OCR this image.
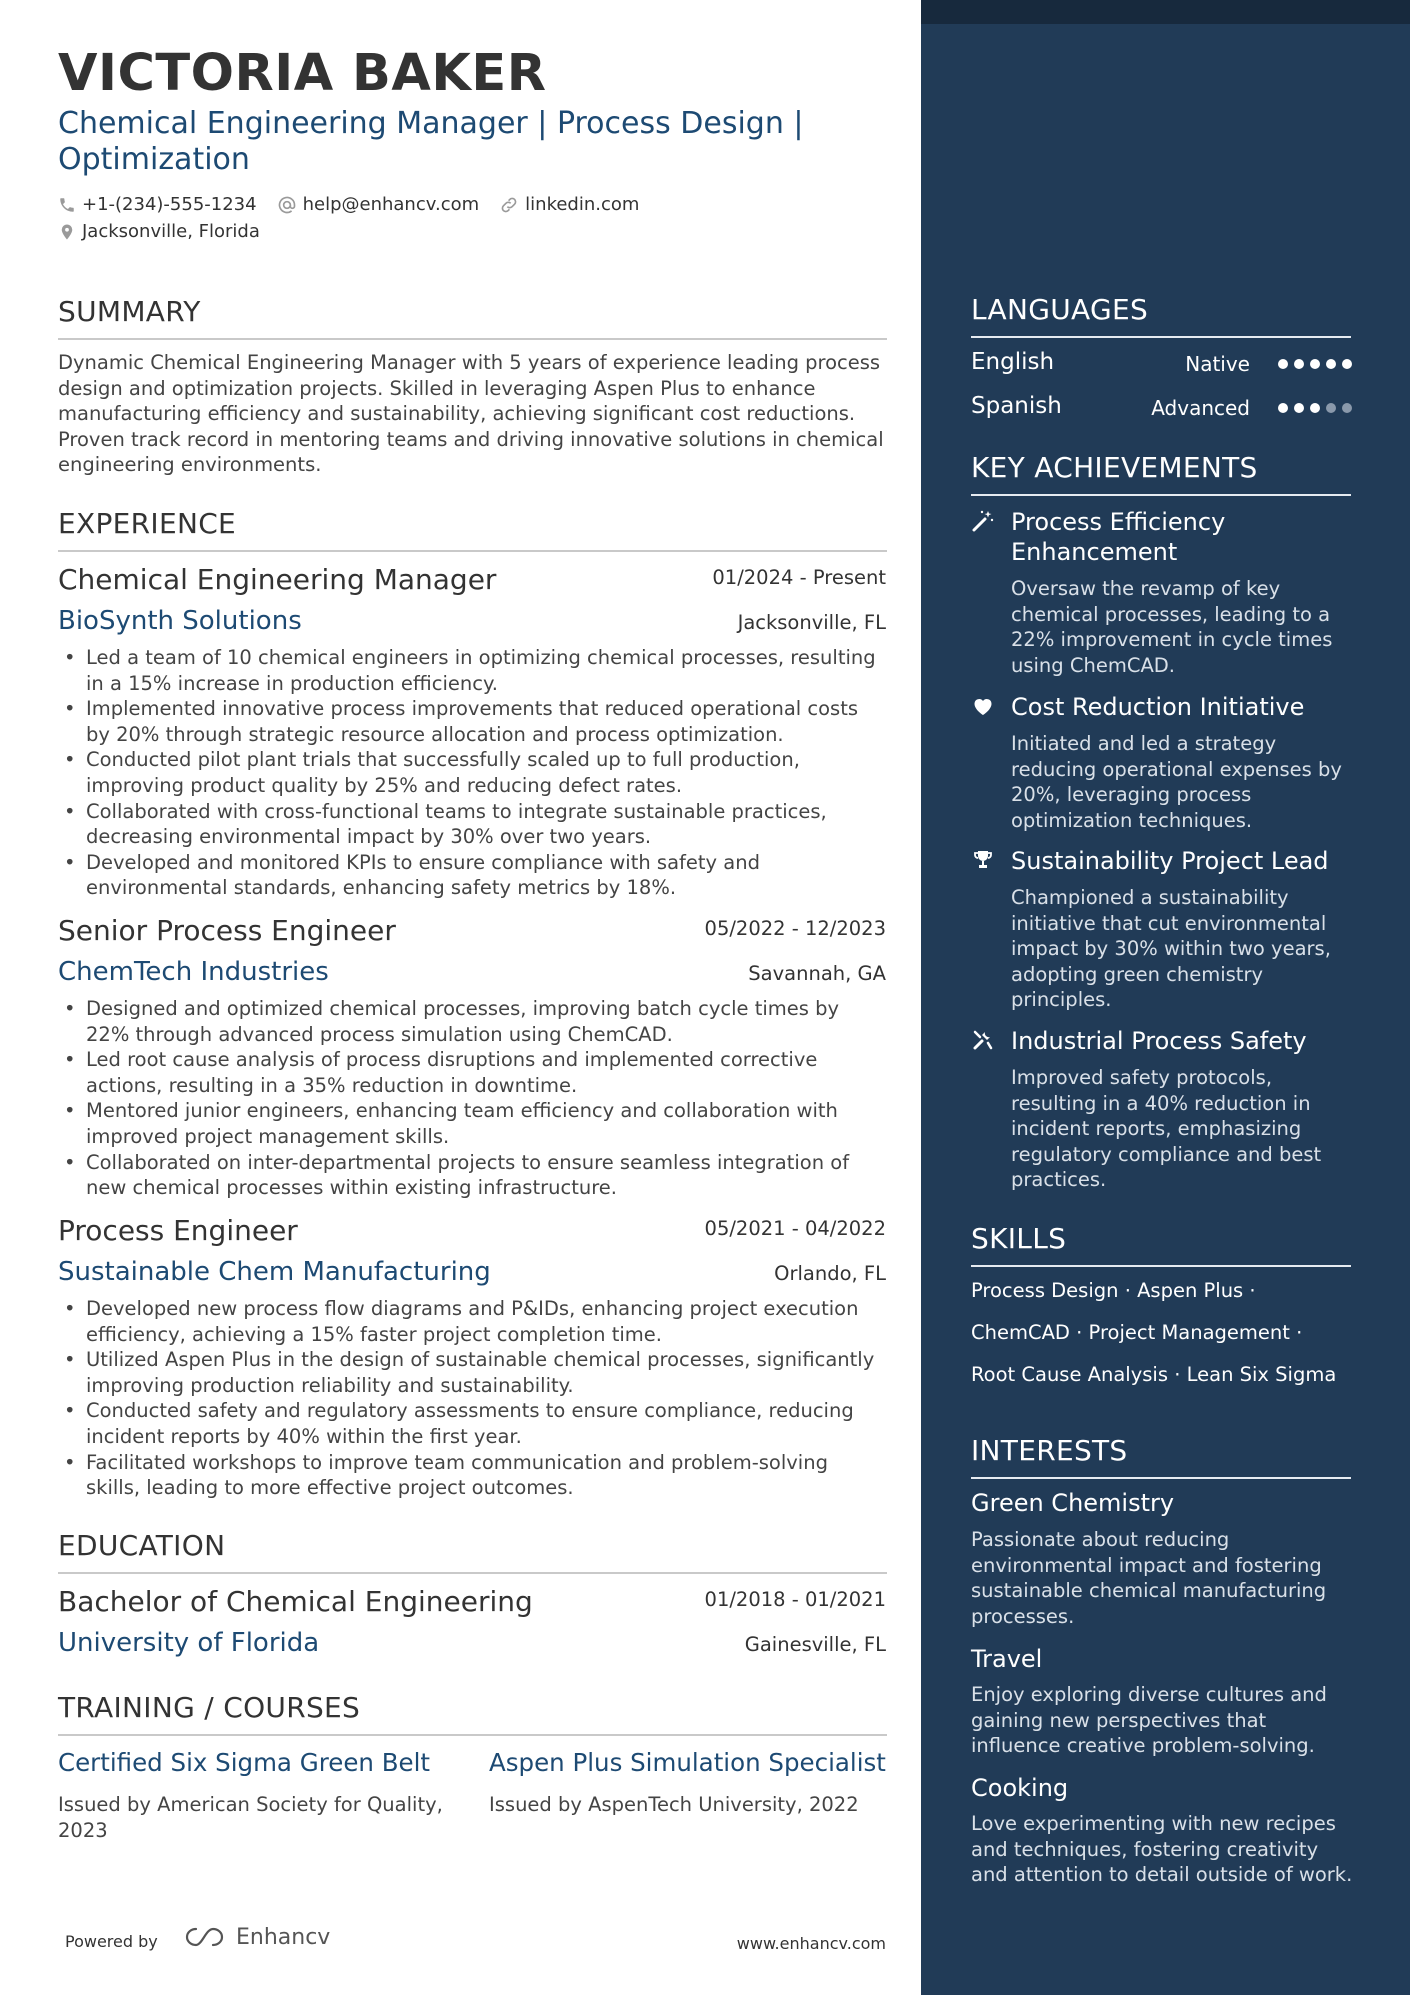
VICTORIA BAKER
Chemical Engineering Manager | Process Design | Optimization
+1-(234)-555-1234	help@enhancv.com	linkedin.com
Jacksonville, Florida
SUMMARY
Dynamic Chemical Engineering Manager with 5 years of experience leading process design and optimization projects. Skilled in leveraging Aspen Plus to enhance manufacturing efficiency and sustainability, achieving significant cost reductions. Proven track record in mentoring teams and driving innovative solutions in chemical engineering environments.
EXPERIENCE
Chemical Engineering Manager	01/2024 - Present
BioSynth Solutions	Jacksonville, FL
• Led a team of 10 chemical engineers in optimizing chemical processes, resulting in a 15% increase in production efficiency.
• Implemented innovative process improvements that reduced operational costs by 20% through strategic resource allocation and process optimization.
• Conducted pilot plant trials that successfully scaled up to full production, improving product quality by 25% and reducing defect rates.
• Collaborated with cross-functional teams to integrate sustainable practices, decreasing environmental impact by 30% over two years.
• Developed and monitored KPIs to ensure compliance with safety and environmental standards, enhancing safety metrics by 18%.
Senior Process Engineer	05/2022 - 12/2023
ChemTech Industries	Savannah, GA
• Designed and optimized chemical processes, improving batch cycle times by 22% through advanced process simulation using ChemCAD.
• Led root cause analysis of process disruptions and implemented corrective actions, resulting in a 35% reduction in downtime.
• Mentored junior engineers, enhancing team efficiency and collaboration with improved project management skills.
• Collaborated on inter-departmental projects to ensure seamless integration of new chemical processes within existing infrastructure.
Process Engineer	05/2021 - 04/2022
Sustainable Chem Manufacturing	Orlando, FL
• Developed new process flow diagrams and P&IDs, enhancing project execution efficiency, achieving a 15% faster project completion time.
• Utilized Aspen Plus in the design of sustainable chemical processes, significantly improving production reliability and sustainability.
• Conducted safety and regulatory assessments to ensure compliance, reducing incident reports by 40% within the first year.
• Facilitated workshops to improve team communication and problem-solving skills, leading to more effective project outcomes.
EDUCATION
Bachelor of Chemical Engineering	01/2018 - 01/2021
University of Florida	Gainesville, FL
TRAINING / COURSES
Certified Six Sigma Green Belt
Issued by American Society for Quality, 2023
Aspen Plus Simulation Specialist
Issued by AspenTech University, 2022
Powered by	Enhancv	www.enhancv.com
LANGUAGES
English	Native
Spanish	Advanced
KEY ACHIEVEMENTS
Process Efficiency Enhancement
Oversaw the revamp of key chemical processes, leading to a 22% improvement in cycle times using ChemCAD.
Cost Reduction Initiative
Initiated and led a strategy reducing operational expenses by 20%, leveraging process optimization techniques.
Sustainability Project Lead
Championed a sustainability initiative that cut environmental impact by 30% within two years, adopting green chemistry principles.
Industrial Process Safety
Improved safety protocols, resulting in a 40% reduction in incident reports, emphasizing regulatory compliance and best practices.
SKILLS
Process Design · Aspen Plus ·
ChemCAD · Project Management ·
Root Cause Analysis · Lean Six Sigma
INTERESTS
Green Chemistry
Passionate about reducing environmental impact and fostering sustainable chemical manufacturing processes.
Travel
Enjoy exploring diverse cultures and gaining new perspectives that influence creative problem-solving.
Cooking
Love experimenting with new recipes and techniques, fostering creativity and attention to detail outside of work.
